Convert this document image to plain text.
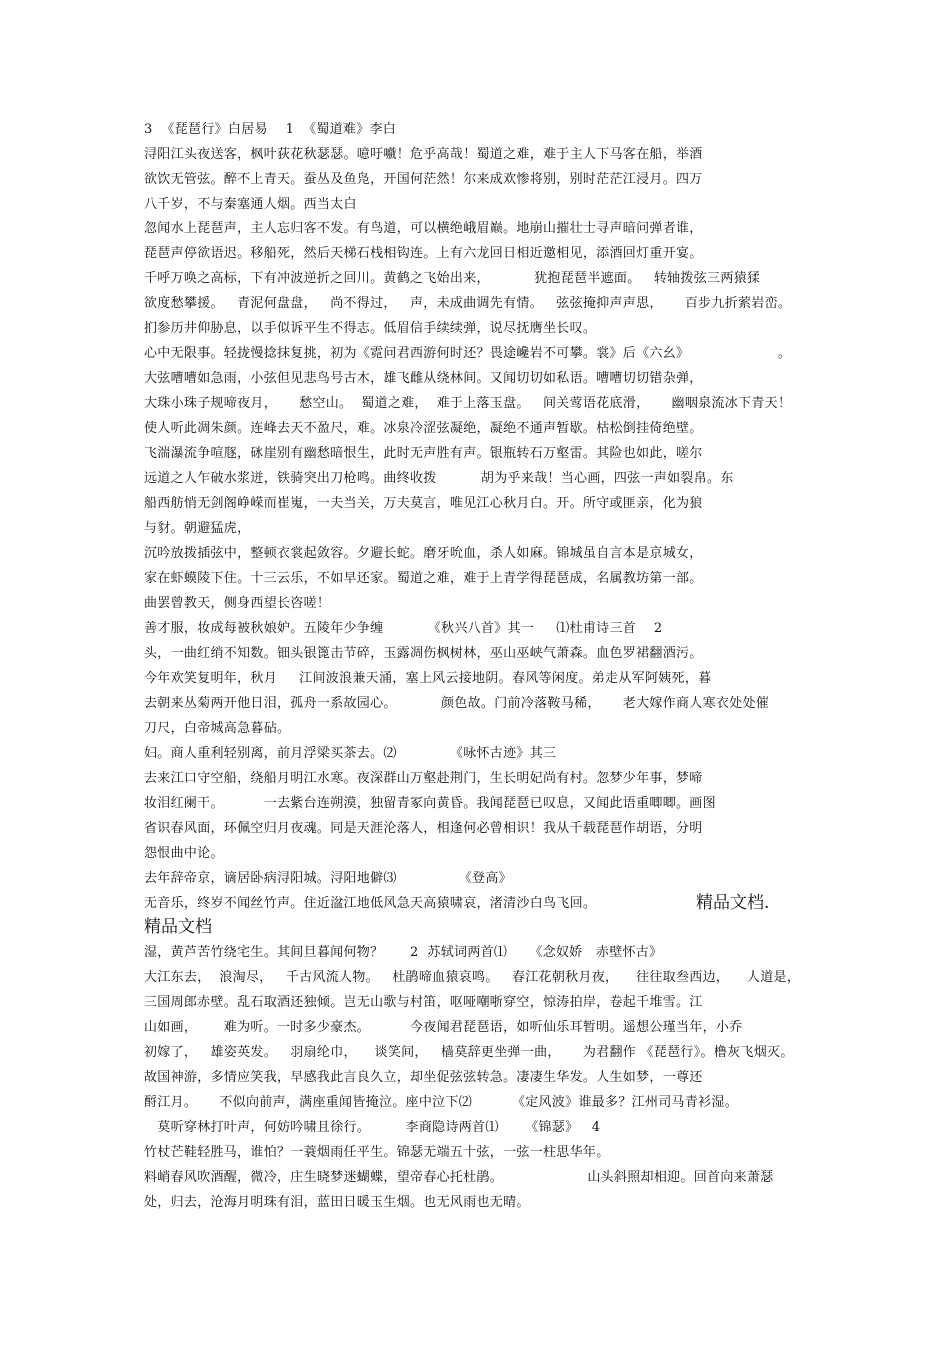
3  《琵琶行》白居易    1  《蜀道难》李白
浔阳江头夜送客，枫叶荻花秋瑟瑟。噫吁嚱！危乎高哉！蜀道之难，难于主人下马客在船，举酒
欲饮无管弦。醉不上青天。蚕丛及鱼凫，开国何茫然！尔来成欢惨将别，别时茫茫江浸月。四万
八千岁，不与秦塞通人烟。西当太白
忽闻水上琵琶声，主人忘归客不发。有鸟道，可以横绝峨眉巅。地崩山摧壮士寻声暗问弹者谁，
琵琶声停欲语迟。移船死，然后天梯石栈相钩连。上有六龙回日相近邀相见，添酒回灯重开宴。
千呼万唤之高标，下有冲波逆折之回川。黄鹤之飞始出来，          犹抱琵琶半遮面。   转轴拨弦三两猿猱
欲度愁攀援。   青泥何盘盘，   尚不得过，   声，未成曲调先有情。   弦弦掩抑声声思，     百步九折萦岩峦。
扪参历井仰胁息，以手似诉平生不得志。低眉信手续续弹，说尽抚膺坐长叹。
心中无限事。轻拢慢捻抹复挑，初为《霓问君西游何时还？畏途巉岩不可攀。裳》后《六幺》                    。
大弦嘈嘈如急雨，小弦但见悲鸟号古木，雄飞雌从绕林间。又闻切切如私语。嘈嘈切切错杂弹，
大珠小珠子规啼夜月，     愁空山。  蜀道之难，  难于上落玉盘。   间关莺语花底滑，     幽咽泉流冰下青天！
使人听此凋朱颜。连峰去天不盈尺，难。冰泉冷涩弦凝绝，凝绝不通声暂歇。枯松倒挂倚绝壁。
飞湍瀑流争喧豗，砯崖别有幽愁暗恨生，此时无声胜有声。银瓶转石万壑雷。其险也如此，嗟尔
远道之人乍破水浆迸，铁骑突出刀枪鸣。曲终收拨          胡为乎来哉！当心画，四弦一声如裂帛。东
船西舫悄无剑阁峥嵘而崔嵬，一夫当关，万夫莫言，唯见江心秋月白。开。所守或匪亲，化为狼
与豺。朝避猛虎，
沉吟放拨插弦中，整顿衣裳起敛容。夕避长蛇。磨牙吮血，杀人如麻。锦城虽自言本是京城女，
家在虾蟆陵下住。十三云乐，不如早还家。蜀道之难，难于上青学得琵琶成，名属教坊第一部。
曲罢曾教天，侧身西望长咨嗟！
善才服，妆成每被秋娘妒。五陵年少争缠          《秋兴八首》其一     ⑴杜甫诗三首    2
头，一曲红绡不知数。钿头银篦击节碎，玉露凋伤枫树林，巫山巫峡气萧森。血色罗裙翻酒污。
今年欢笑复明年，秋月     江间波浪兼天涌，塞上风云接地阴。春风等闲度。弟走从军阿姨死，暮
去朝来丛菊两开他日泪，孤舟一系故园心。          颜色故。门前冷落鞍马稀，     老大嫁作商人寒衣处处催
刀尺，白帝城高急暮砧。
妇。商人重利轻别离，前月浮梁买茶去。⑵            《咏怀古迹》其三
去来江口守空船，绕船月明江水寒。夜深群山万壑赴荆门，生长明妃尚有村。忽梦少年事，梦啼
妆泪红阑干。         一去紫台连朔漠，独留青冢向黄昏。我闻琵琶已叹息，又闻此语重唧唧。画图
省识春风面，环佩空归月夜魂。同是天涯沦落人，相逢何必曾相识！我从千载琵琶作胡语，分明
怨恨曲中论。
去年辞帝京，谪居卧病浔阳城。浔阳地僻⑶              《登高》
无音乐，终岁不闻丝竹声。住近湓江地低风急天高猿啸哀，渚清沙白鸟飞回。	精品文档.
精品文档
湿，黄芦苦竹绕宅生。其间旦暮闻何物？      2  苏轼词两首⑴     《念奴娇   赤壁怀古》
大江东去，  浪淘尽，   千古风流人物。   杜鹃啼血猿哀鸣。   春江花朝秋月夜，    往往取叁西边，    人道是，
三国周郎赤壁。乱石取酒还独倾。岂无山歌与村笛，呕哑嘲哳穿空，惊涛拍岸，卷起千堆雪。江
山如画，      难为听。一时多少豪杰。         今夜闻君琵琶语，如听仙乐耳暂明。遥想公瑾当年，小乔
初嫁了，   雄姿英发。   羽扇纶巾，    谈笑间，   樯莫辞更坐弹一曲，     为君翻作 《琵琶行》。橹灰飞烟灭。
故国神游，多情应笑我，早感我此言良久立，却坐促弦弦转急。凄凄生华发。人生如梦，一尊还
酹江月。     不似向前声，满座重闻皆掩泣。座中泣下⑵         《定风波》谁最多？江州司马青衫湿。
莫听穿林打叶声，何妨吟啸且徐行。        李商隐诗两首⑴      《锦瑟》   4
竹杖芒鞋轻胜马，谁怕？一蓑烟雨任平生。锦瑟无端五十弦，一弦一柱思华年。
料峭春风吹酒醒，微冷，庄生晓梦迷蝴蝶，望帝春心托杜鹃。                   山头斜照却相迎。回首向来萧瑟
处，归去，沧海月明珠有泪，蓝田日暖玉生烟。也无风雨也无晴。
